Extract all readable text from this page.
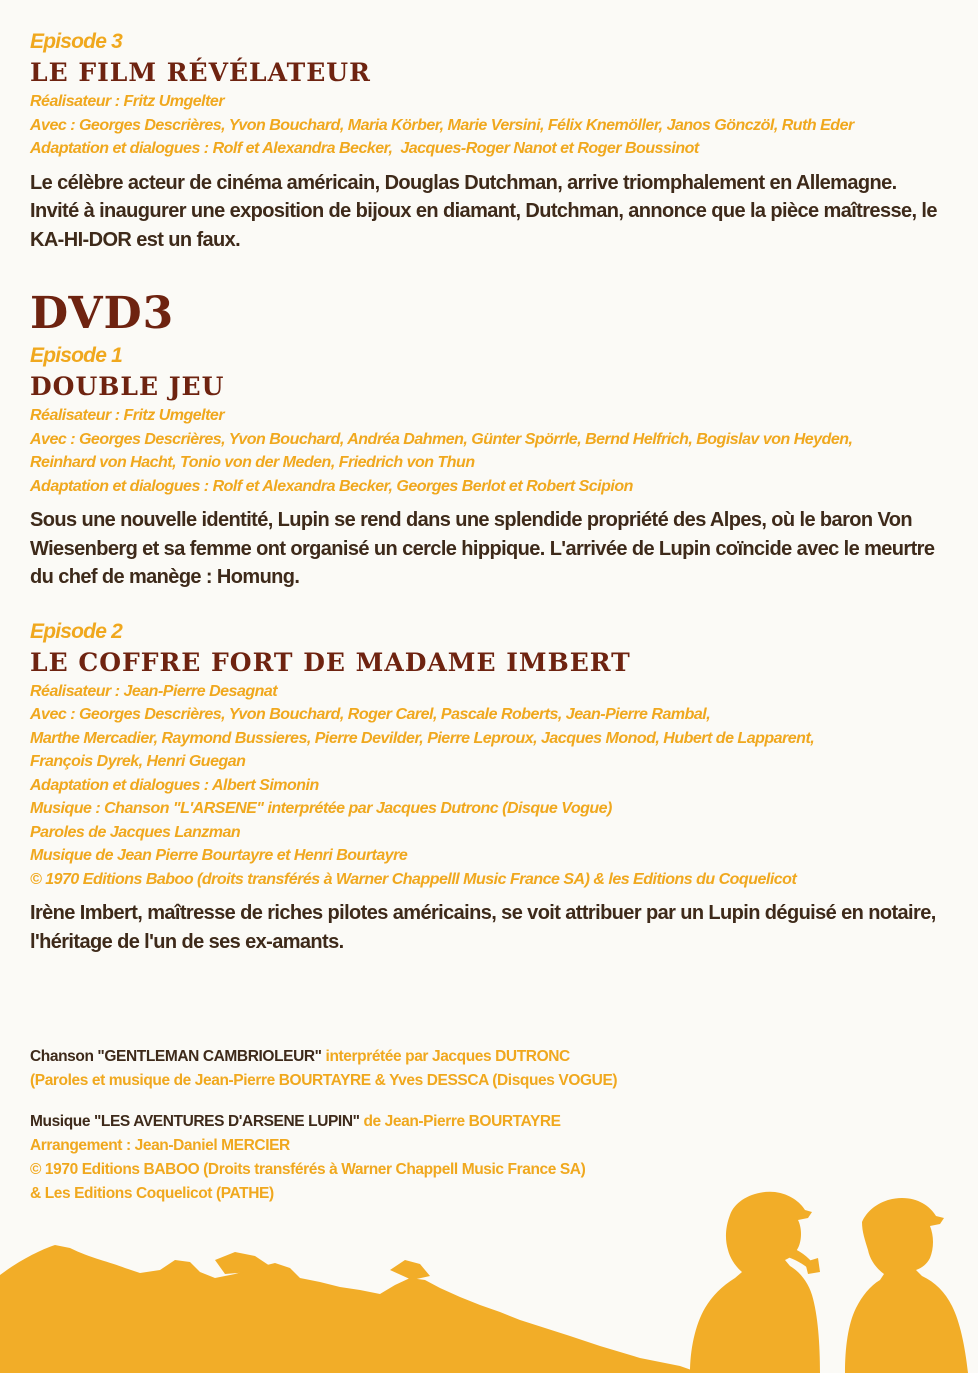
Episode 3

LE FILM RÉVÉLATEUR

Réalisateur : Fritz Umgelter
Avec : Georges Descrières, Yvon Bouchard, Maria Körber, Marie Versini, Félix Knemöller, Janos Gönczöl, Ruth Eder
Adaptation et dialogues : Rolf et Alexandra Becker,  Jacques-Roger Nanot et Roger Boussinot

Le célèbre acteur de cinéma américain, Douglas Dutchman, arrive triomphalement en Allemagne. Invité à inaugurer une exposition de bijoux en diamant, Dutchman, annonce que la pièce maîtresse, le KA-HI-DOR est un faux.

DVD3

Episode 1

DOUBLE JEU

Réalisateur : Fritz Umgelter
Avec : Georges Descrières, Yvon Bouchard, Andréa Dahmen, Günter Spörrle, Bernd Helfrich, Bogislav von Heyden,
Reinhard von Hacht, Tonio von der Meden, Friedrich von Thun
Adaptation et dialogues : Rolf et Alexandra Becker, Georges Berlot et Robert Scipion

Sous une nouvelle identité, Lupin se rend dans une splendide propriété des Alpes, où le baron Von Wiesenberg et sa femme ont organisé un cercle hippique. L'arrivée de Lupin coïncide avec le meurtre du chef de manège : Homung.

Episode 2

LE COFFRE FORT DE MADAME IMBERT

Réalisateur : Jean-Pierre Desagnat
Avec : Georges Descrières, Yvon Bouchard, Roger Carel, Pascale Roberts, Jean-Pierre Rambal,
Marthe Mercadier, Raymond Bussieres, Pierre Devilder, Pierre Leproux, Jacques Monod, Hubert de Lapparent,
François Dyrek, Henri Guegan
Adaptation et dialogues : Albert Simonin
Musique : Chanson "L'ARSENE" interprétée par Jacques Dutronc (Disque Vogue)
Paroles de Jacques Lanzman
Musique de Jean Pierre Bourtayre et Henri Bourtayre
© 1970 Editions Baboo (droits transférés à Warner Chappelll Music France SA) & les Editions du Coquelicot

Irène Imbert, maîtresse de riches pilotes américains, se voit attribuer par un Lupin déguisé en notaire, l'héritage de l'un de ses ex-amants.

Chanson "GENTLEMAN CAMBRIOLEUR" interprétée par Jacques DUTRONC
(Paroles et musique de Jean-Pierre BOURTAYRE & Yves DESSCA (Disques VOGUE)
Musique "LES AVENTURES D'ARSENE LUPIN" de Jean-Pierre BOURTAYRE
Arrangement : Jean-Daniel MERCIER
© 1970 Editions BABOO (Droits transférés à Warner Chappell Music France SA)
& Les Editions Coquelicot (PATHE)
